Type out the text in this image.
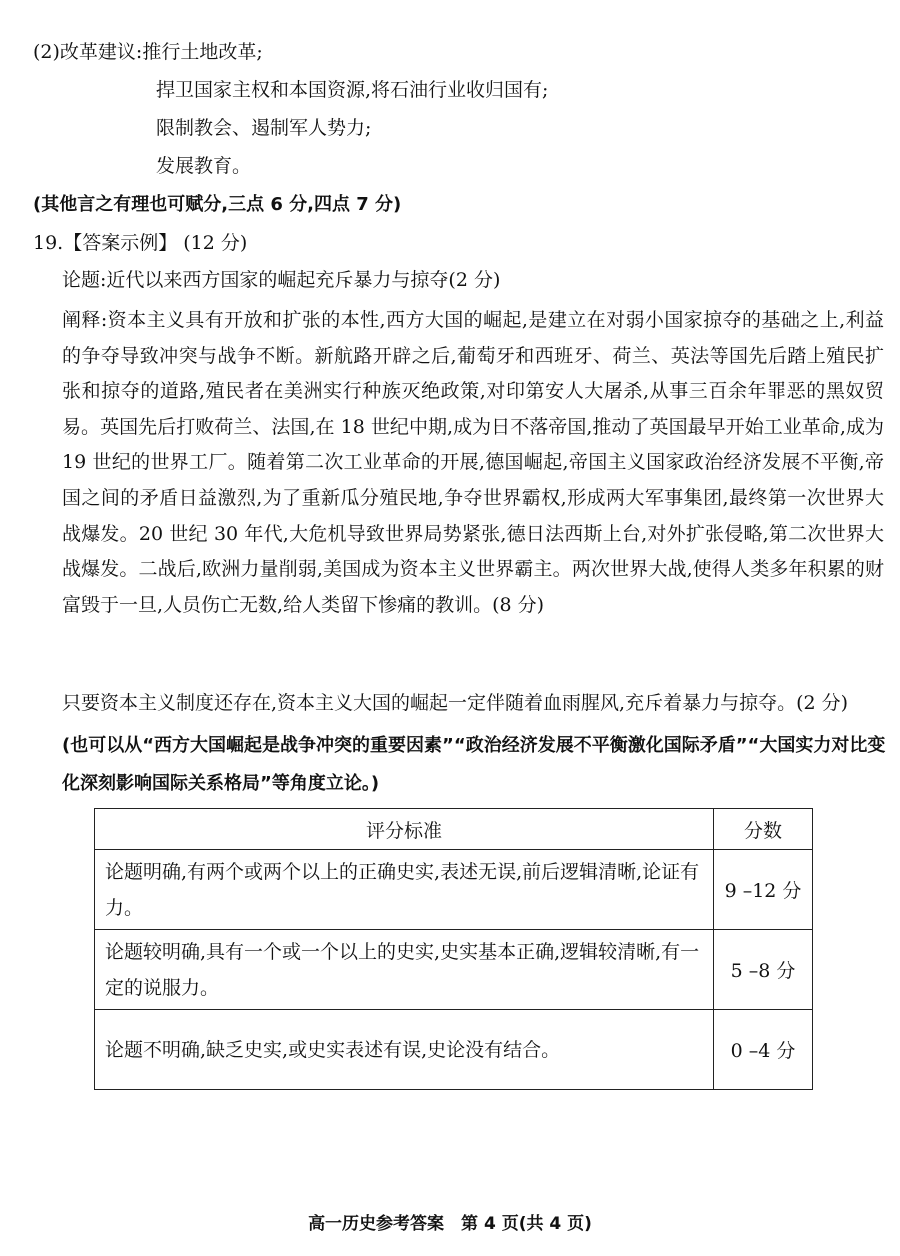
(2)改革建议:推行土地改革;
捍卫国家主权和本国资源,将石油行业收归国有;
限制教会、遏制军人势力;
发展教育。
(其他言之有理也可赋分,三点 6 分,四点 7 分)
19.【答案示例】 (12 分)
论题:近代以来西方国家的崛起充斥暴力与掠夺(2 分)
阐释:资本主义具有开放和扩张的本性,西方大国的崛起,是建立在对弱小国家掠夺的基础之上,利益的争夺导致冲突与战争不断。新航路开辟之后,葡萄牙和西班牙、荷兰、英法等国先后踏上殖民扩张和掠夺的道路,殖民者在美洲实行种族灭绝政策,对印第安人大屠杀,从事三百余年罪恶的黑奴贸易。英国先后打败荷兰、法国,在 18 世纪中期,成为日不落帝国,推动了英国最早开始工业革命,成为 19 世纪的世界工厂。随着第二次工业革命的开展,德国崛起,帝国主义国家政治经济发展不平衡,帝国之间的矛盾日益激烈,为了重新瓜分殖民地,争夺世界霸权,形成两大军事集团,最终第一次世界大战爆发。20 世纪 30 年代,大危机导致世界局势紧张,德日法西斯上台,对外扩张侵略,第二次世界大战爆发。二战后,欧洲力量削弱,美国成为资本主义世界霸主。两次世界大战,使得人类多年积累的财富毁于一旦,人员伤亡无数,给人类留下惨痛的教训。(8 分)
只要资本主义制度还存在,资本主义大国的崛起一定伴随着血雨腥风,充斥着暴力与掠夺。(2 分)
(也可以从“西方大国崛起是战争冲突的重要因素”“政治经济发展不平衡激化国际矛盾”“大国实力对比变化深刻影响国际关系格局”等角度立论。)
评分标准	分数
论题明确,有两个或两个以上的正确史实,表述无误,前后逻辑清晰,论证有力。	9 –12 分
论题较明确,具有一个或一个以上的史实,史实基本正确,逻辑较清晰,有一定的说服力。	5 –8 分
论题不明确,缺乏史实,或史实表述有误,史论没有结合。	0 –4 分
高一历史参考答案　第 4 页(共 4 页)
